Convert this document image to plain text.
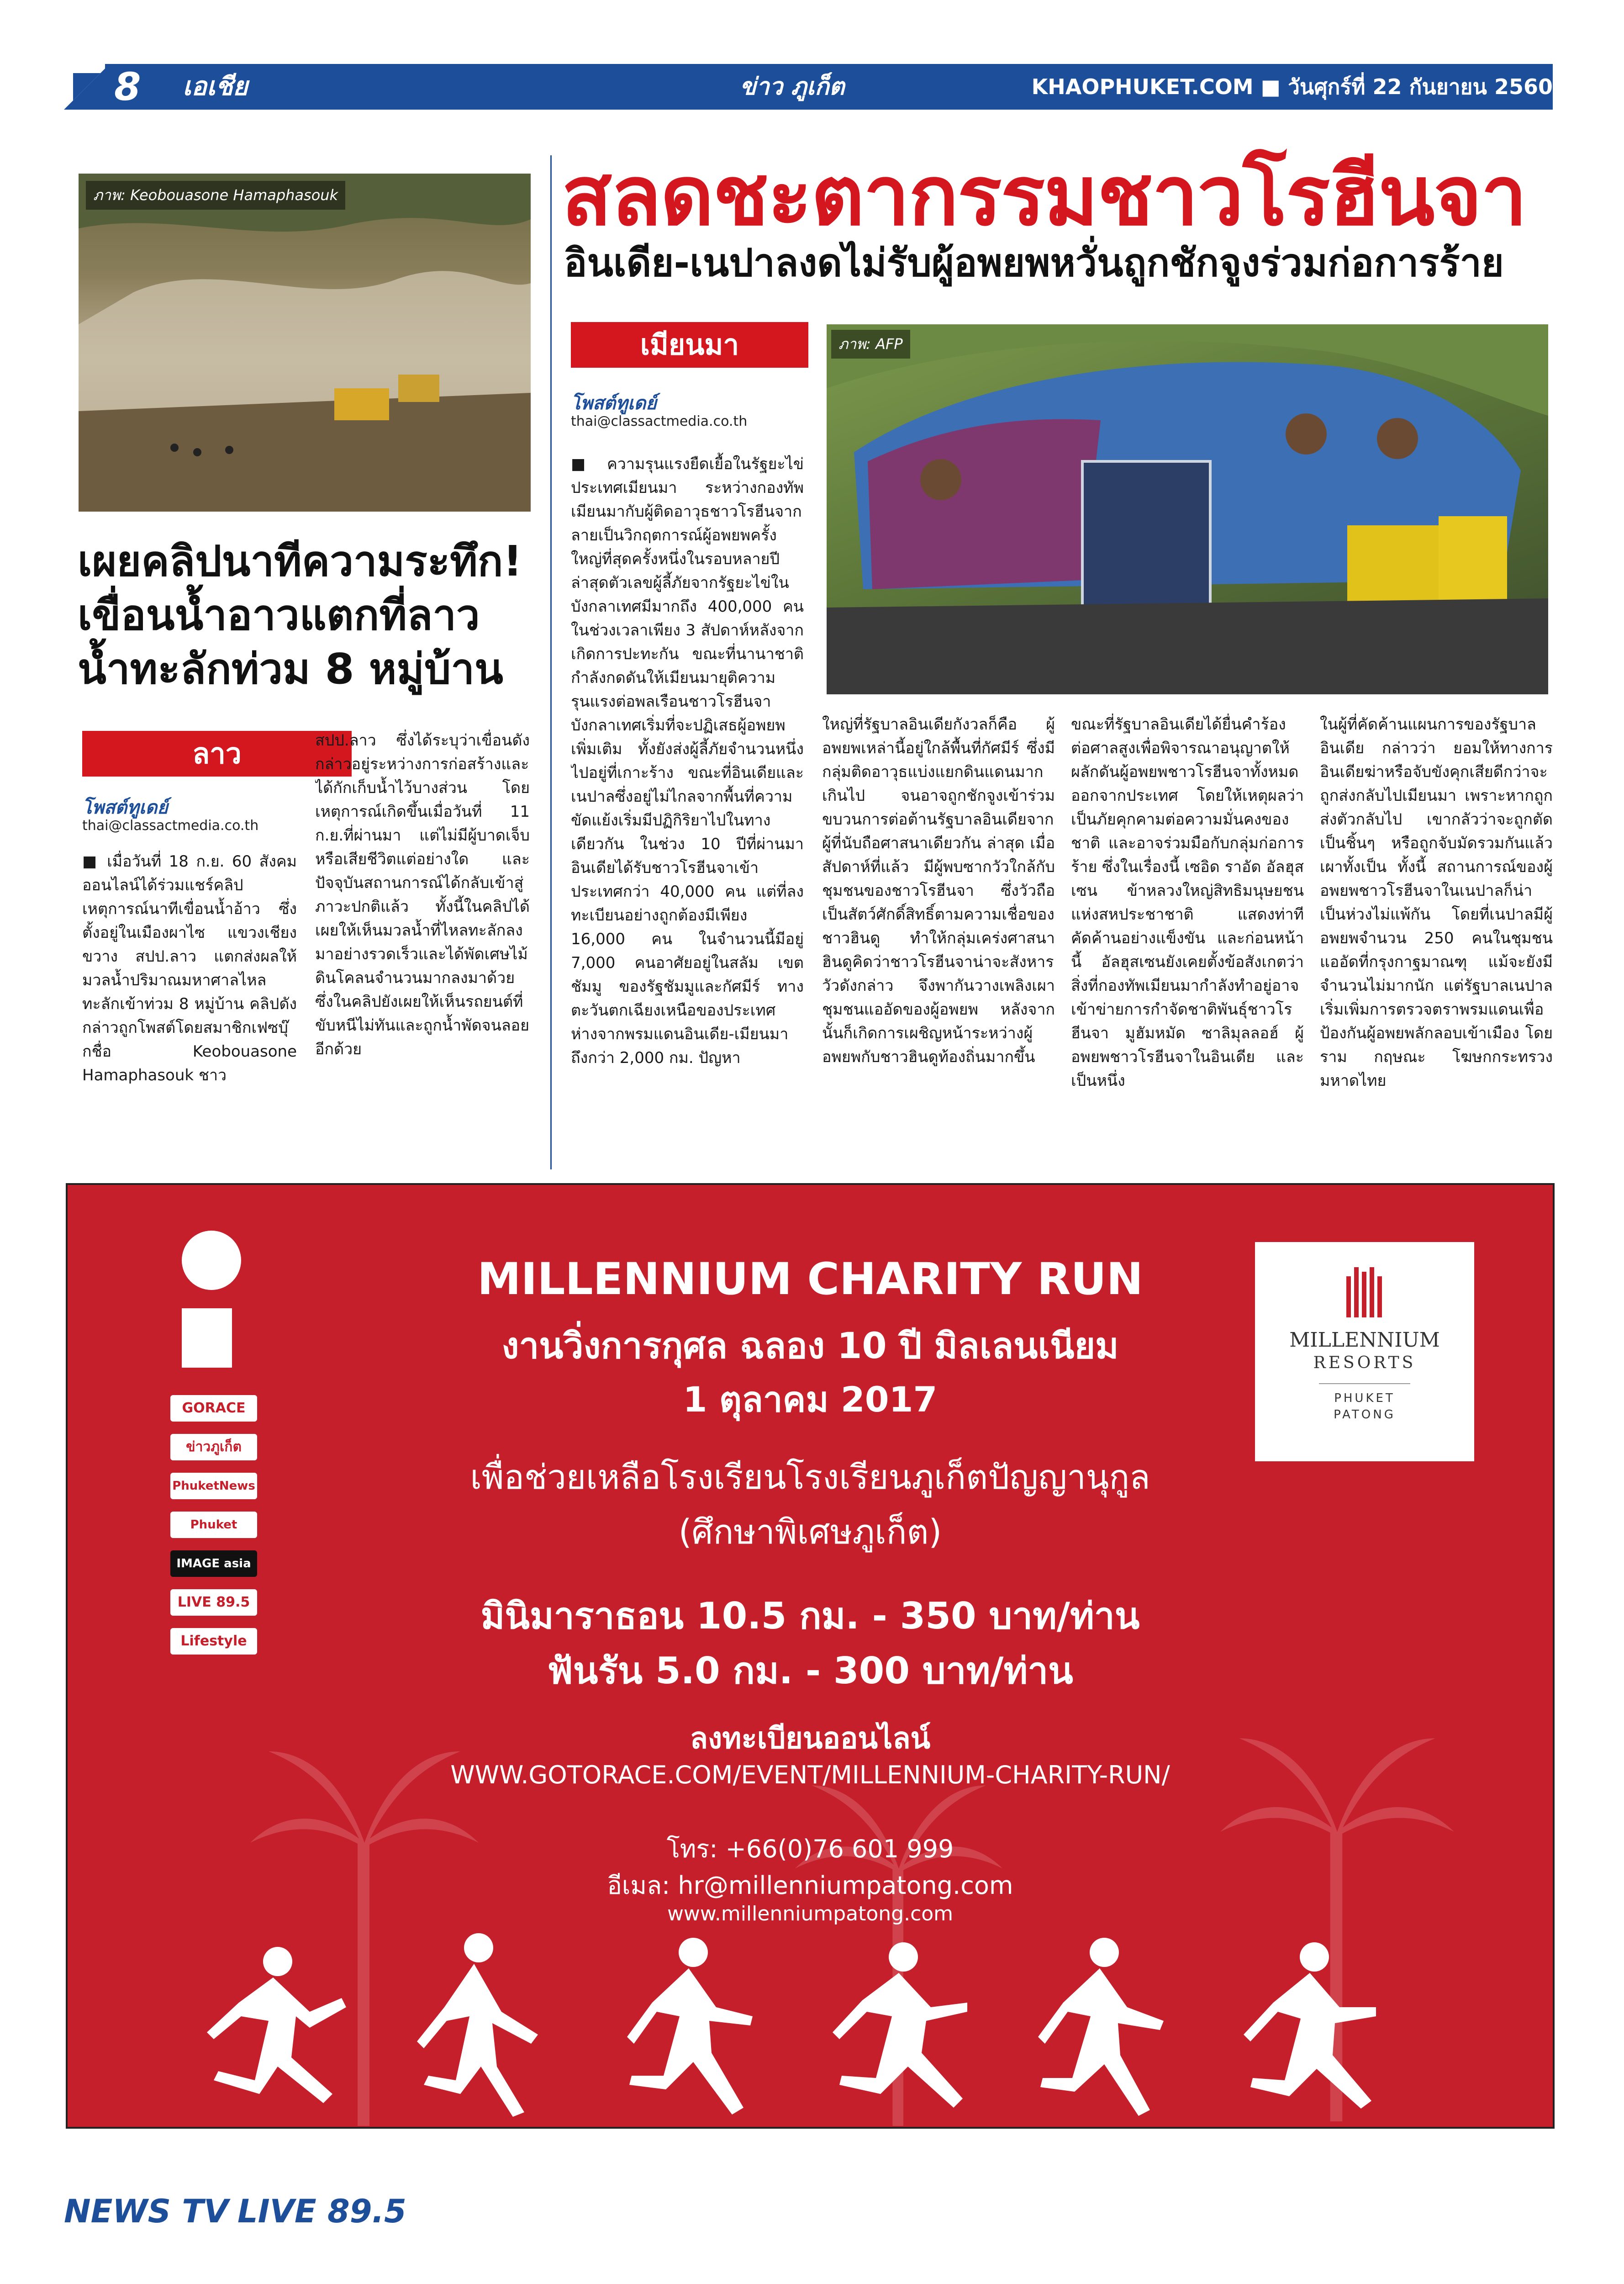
8 เอเชีย	ข่าว ภูเก็ต	KHAOPHUKET.COM ■ วันศุกร์ที่ 22 กันยายน 2560
ภาพ: Keobouasone Hamaphasouk
เผยคลิปนาทีความระทึก! เขื่อนน้ำอาวแตกที่ลาว น้ำทะลักท่วม 8 หมู่บ้าน
ลาว
โพสต์ทูเดย์
thai@classactmedia.co.th
■ เมื่อวันที่ 18 ก.ย. 60 สังคมออนไลน์ได้ร่วมแชร์คลิปเหตุการณ์นาทีเขื่อนน้ำอ้าว ซึ่งตั้งอยู่ในเมืองผาไซ แขวงเชียงขวาง สปป.ลาว แตกส่งผลให้มวลน้ำปริมาณมหาศาลไหลทะลักเข้าท่วม 8 หมู่บ้าน คลิปดังกล่าวถูกโพสต์โดยสมาชิกเฟซบุ๊กชื่อ Keobouasone Hamaphasouk ชาว
สปป.ลาว ซึ่งได้ระบุว่าเขื่อนดังกล่าวอยู่ระหว่างการก่อสร้างและได้กักเก็บน้ำไว้บางส่วน โดยเหตุการณ์เกิดขึ้นเมื่อวันที่ 11 ก.ย.ที่ผ่านมา แต่ไม่มีผู้บาดเจ็บหรือเสียชีวิตแต่อย่างใด และ ปัจจุบันสถานการณ์ได้กลับเข้าสู่ภาวะปกติแล้ว ทั้งนี้ในคลิปได้เผยให้เห็นมวลน้ำที่ไหลทะลักลงมาอย่างรวดเร็วและได้พัดเศษไม้ ดินโคลนจำนวนมากลงมาด้วย ซึ่งในคลิปยังเผยให้เห็นรถยนต์ที่ขับหนีไม่ทันและถูกน้ำพัดจนลอยอีกด้วย
สลดชะตากรรมชาวโรฮีนจา
อินเดีย-เนปาลงดไม่รับผู้อพยพหวั่นถูกชักจูงร่วมก่อการร้าย
เมียนมา
โพสต์ทูเดย์
thai@classactmedia.co.th
ภาพ: AFP
■ ความรุนแรงยืดเยื้อในรัฐยะไข่ ประเทศเมียนมา ระหว่างกองทัพเมียนมากับผู้ติดอาวุธชาวโรฮีนจากลายเป็นวิกฤตการณ์ผู้อพยพครั้งใหญ่ที่สุดครั้งหนึ่งในรอบหลายปี ล่าสุดตัวเลขผู้ลี้ภัยจากรัฐยะไข่ในบังกลาเทศมีมากถึง 400,000 คน ในช่วงเวลาเพียง 3 สัปดาห์หลังจากเกิดการปะทะกัน ขณะที่นานาชาติกำลังกดดันให้เมียนมายุติความรุนแรงต่อพลเรือนชาวโรฮีนจา บังกลาเทศเริ่มที่จะปฏิเสธผู้อพยพเพิ่มเติม ทั้งยังส่งผู้ลี้ภัยจำนวนหนึ่งไปอยู่ที่เกาะร้าง ขณะที่อินเดียและเนปาลซึ่งอยู่ไม่ไกลจากพื้นที่ความขัดแย้งเริ่มมีปฏิกิริยาไปในทางเดียวกัน ในช่วง 10 ปีที่ผ่านมา อินเดียได้รับชาวโรฮีนจาเข้าประเทศกว่า 40,000 คน แต่ที่ลงทะเบียนอย่างถูกต้องมีเพียง 16,000 คน ในจำนวนนี้มีอยู่ 7,000 คนอาศัยอยู่ในสลัม เขตชัมมู ของรัฐชัมมูและกัศมีร์ ทางตะวันตกเฉียงเหนือของประเทศ ห่างจากพรมแดนอินเดีย-เมียนมาถึงกว่า 2,000 กม. ปัญหา
ใหญ่ที่รัฐบาลอินเดียกังวลก็คือ ผู้อพยพเหล่านี้อยู่ใกล้พื้นที่กัศมีร์ ซึ่งมีกลุ่มติดอาวุธแบ่งแยกดินแดนมากเกินไป จนอาจถูกชักจูงเข้าร่วมขบวนการต่อต้านรัฐบาลอินเดียจากผู้ที่นับถือศาสนาเดียวกัน ล่าสุด เมื่อสัปดาห์ที่แล้ว มีผู้พบซากวัวใกล้กับชุมชนของชาวโรฮีนจา ซึ่งวัวถือเป็นสัตว์ศักดิ์สิทธิ์ตามความเชื่อของชาวฮินดู ทำให้กลุ่มเคร่งศาสนาฮินดูคิดว่าชาวโรฮีนจาน่าจะสังหารวัวดังกล่าว จึงพากันวางเพลิงเผาชุมชนแออัดของผู้อพยพ หลังจากนั้นก็เกิดการเผชิญหน้าระหว่างผู้อพยพกับชาวฮินดูท้องถิ่นมากขึ้น
ขณะที่รัฐบาลอินเดียได้ยื่นคำร้องต่อศาลสูงเพื่อพิจารณาอนุญาตให้ผลักดันผู้อพยพชาวโรฮีนจาทั้งหมดออกจากประเทศ โดยให้เหตุผลว่าเป็นภัยคุกคามต่อความมั่นคงของชาติ และอาจร่วมมือกับกลุ่มก่อการร้าย ซึ่งในเรื่องนี้ เซอิด ราอัด อัลฮุสเซน ข้าหลวงใหญ่สิทธิมนุษยชนแห่งสหประชาชาติ แสดงท่าทีคัดค้านอย่างแข็งขัน และก่อนหน้านี้ อัลฮุสเซนยังเคยตั้งข้อสังเกตว่า สิ่งที่กองทัพเมียนมากำลังทำอยู่อาจเข้าข่ายการกำจัดชาติพันธุ์ชาวโรฮีนจา มูฮัมหมัด ซาลิมุลลอฮ์ ผู้อพยพชาวโรฮีนจาในอินเดีย และเป็นหนึ่ง
ในผู้ที่คัดค้านแผนการของรัฐบาลอินเดีย กล่าวว่า ยอมให้ทางการอินเดียฆ่าหรือจับขังคุกเสียดีกว่าจะถูกส่งกลับไปเมียนมา เพราะหากถูกส่งตัวกลับไป เขากลัวว่าจะถูกตัดเป็นชิ้นๆ หรือถูกจับมัดรวมกันแล้วเผาทั้งเป็น ทั้งนี้ สถานการณ์ของผู้อพยพชาวโรฮีนจาในเนปาลก็น่าเป็นห่วงไม่แพ้กัน โดยที่เนปาลมีผู้อพยพจำนวน 250 คนในชุมชนแออัดที่กรุงกาฐมาณฑุ แม้จะยังมีจำนวนไม่มากนัก แต่รัฐบาลเนปาลเริ่มเพิ่มการตรวจตราพรมแดนเพื่อป้องกันผู้อพยพลักลอบเข้าเมือง โดย ราม กฤษณะ โฆษกกระทรวงมหาดไทย
GORACE
ข่าวภูเก็ต
PhuketNews
Phuket
IMAGE asia
LIVE 89.5
Lifestyle
MILLENNIUM
RESORTS
PHUKET
PATONG
MILLENNIUM CHARITY RUN
งานวิ่งการกุศล ฉลอง 10 ปี มิลเลนเนียม
1 ตุลาคม 2017
เพื่อช่วยเหลือโรงเรียนโรงเรียนภูเก็ตปัญญานุกูล
(ศึกษาพิเศษภูเก็ต)
มินิมาราธอน 10.5 กม. - 350 บาท/ท่าน
ฟันรัน 5.0 กม. - 300 บาท/ท่าน
ลงทะเบียนออนไลน์
WWW.GOTORACE.COM/EVENT/MILLENNIUM-CHARITY-RUN/
โทร: +66(0)76 601 999
อีเมล: hr@millenniumpatong.com
www.millenniumpatong.com
NEWS TV LIVE 89.5
